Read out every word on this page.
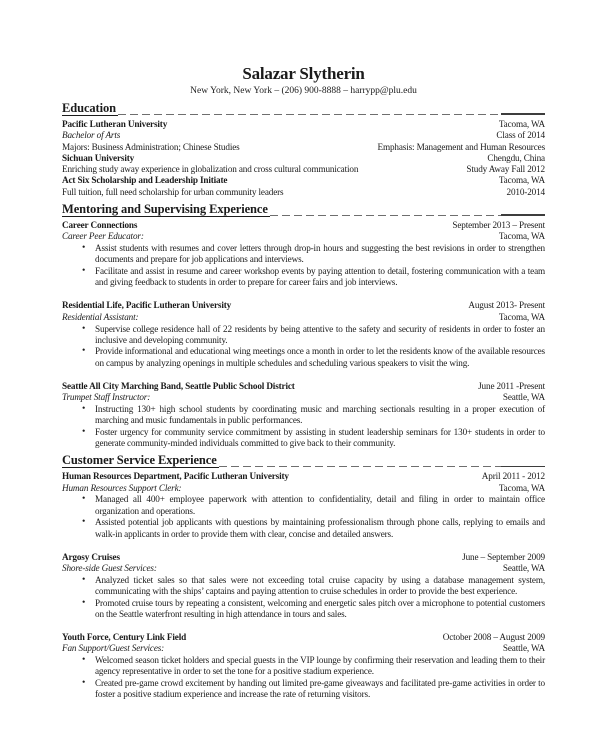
Salazar Slytherin
New York, New York – (206) 900-8888 – harrypp@plu.edu
Education
Pacific Lutheran University	Tacoma, WA
Bachelor of Arts	Class of 2014
Majors: Business Administration; Chinese Studies	Emphasis: Management and Human Resources
Sichuan University	Chengdu, China
Enriching study away experience in globalization and cross cultural communication	Study Away Fall 2012
Act Six Scholarship and Leadership Initiate	Tacoma, WA
Full tuition, full need scholarship for urban community leaders	2010-2014
Mentoring and Supervising Experience
Career Connections	September 2013 – Present
Career Peer Educator:	Tacoma, WA
•	Assist students with resumes and cover letters through drop-in hours and suggesting the best revisions in order to strengthen documents and prepare for job applications and interviews.
•	Facilitate and assist in resume and career workshop events by paying attention to detail, fostering communication with a team and giving feedback to students in order to prepare for career fairs and job interviews.
Residential Life, Pacific Lutheran University	August 2013- Present
Residential Assistant:	Tacoma, WA
•	Supervise college residence hall of 22 residents by being attentive to the safety and security of residents in order to foster an inclusive and developing community.
•	Provide informational and educational wing meetings once a month in order to let the residents know of the available resources on campus by analyzing openings in multiple schedules and scheduling various speakers to visit the wing.
Seattle All City Marching Band, Seattle Public School District	June 2011 -Present
Trumpet Staff Instructor:	Seattle, WA
•	Instructing 130+ high school students by coordinating music and marching sectionals resulting in a proper execution of marching and music fundamentals in public performances.
•	Foster urgency for community service commitment by assisting in student leadership seminars for 130+ students in order to generate community-minded individuals committed to give back to their community.
Customer Service Experience
Human Resources Department, Pacific Lutheran University	April 2011 - 2012
Human Resources Support Clerk:	Tacoma, WA
•	Managed all 400+ employee paperwork with attention to confidentiality, detail and filing in order to maintain office organization and operations.
•	Assisted potential job applicants with questions by maintaining professionalism through phone calls, replying to emails and walk-in applicants in order to provide them with clear, concise and detailed answers.
Argosy Cruises	June – September 2009
Shore-side Guest Services:	Seattle, WA
•	Analyzed ticket sales so that sales were not exceeding total cruise capacity by using a database management system, communicating with the ships’ captains and paying attention to cruise schedules in order to provide the best experience.
•	Promoted cruise tours by repeating a consistent, welcoming and energetic sales pitch over a microphone to potential customers on the Seattle waterfront resulting in high attendance in tours and sales.
Youth Force, Century Link Field	October 2008 – August 2009
Fan Support/Guest Services:	Seattle, WA
•	Welcomed season ticket holders and special guests in the VIP lounge by confirming their reservation and leading them to their agency representative in order to set the tone for a positive stadium experience.
•	Created pre-game crowd excitement by handing out limited pre-game giveaways and facilitated pre-game activities in order to foster a positive stadium experience and increase the rate of returning visitors.
